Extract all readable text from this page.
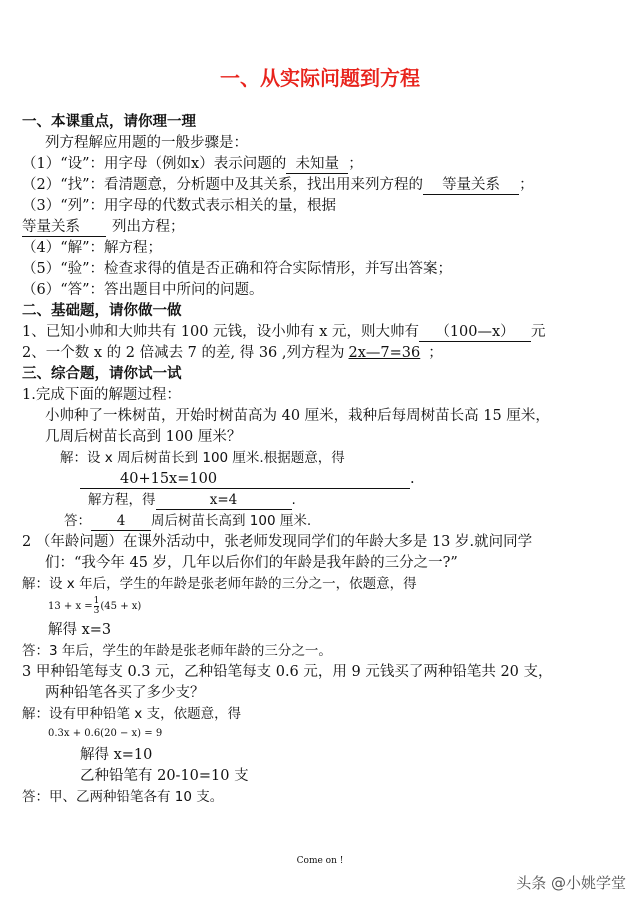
一、从实际问题到方程
一、本课重点，请你理一理
列方程解应用题的一般步骤是：
（1）“设”：用字母（例如x）表示问题的 未知量 ；
（2）“找”：看清题意，分析题中及其关系，找出用来列方程的 等量关系 ；
（3）“列”：用字母的代数式表示相关的量，根据
等量关系 列出方程；
（4）“解”：解方程；
（5）“验”：检查求得的值是否正确和符合实际情形，并写出答案；
（6）“答”：答出题目中所问的问题。
二、基础题，请你做一做
1、已知小帅和大帅共有 100 元钱，设小帅有 x 元，则大帅有 （100—x） 元
2、一个数 x 的 2 倍减去 7 的差, 得 36 ,列方程为 2x—7=36 ；
三、综合题，请你试一试
1.完成下面的解题过程：
小帅种了一株树苗，开始时树苗高为 40 厘米，栽种后每周树苗长高 15 厘米，
几周后树苗长高到 100 厘米？
解：设 x 周后树苗长到 100 厘米.根据题意，得
40+15x=100	.
解方程，得	x=4	.
答： 4 周后树苗长高到 100 厘米.
2 （年龄问题）在课外活动中，张老师发现同学们的年龄大多是 13 岁.就问同学
们：“我今年 45 岁，几年以后你们的年龄是我年龄的三分之一?”
解：设 x 年后，学生的年龄是张老师年龄的三分之一，依题意，得
$13 + x = \frac{1}{3} (45 + x)$
解得 x=3
答：3 年后，学生的年龄是张老师年龄的三分之一。
3 甲种铅笔每支 0.3 元，乙种铅笔每支 0.6 元，用 9 元钱买了两种铅笔共 20 支，
两种铅笔各买了多少支？
解：设有甲种铅笔 x 支，依题意，得
0.3x + 0.6(20 − x) = 9
解得 x=10
乙种铅笔有 20-10=10 支
答：甲、乙两种铅笔各有 10 支。
Come on !
头条 @小姚学堂
